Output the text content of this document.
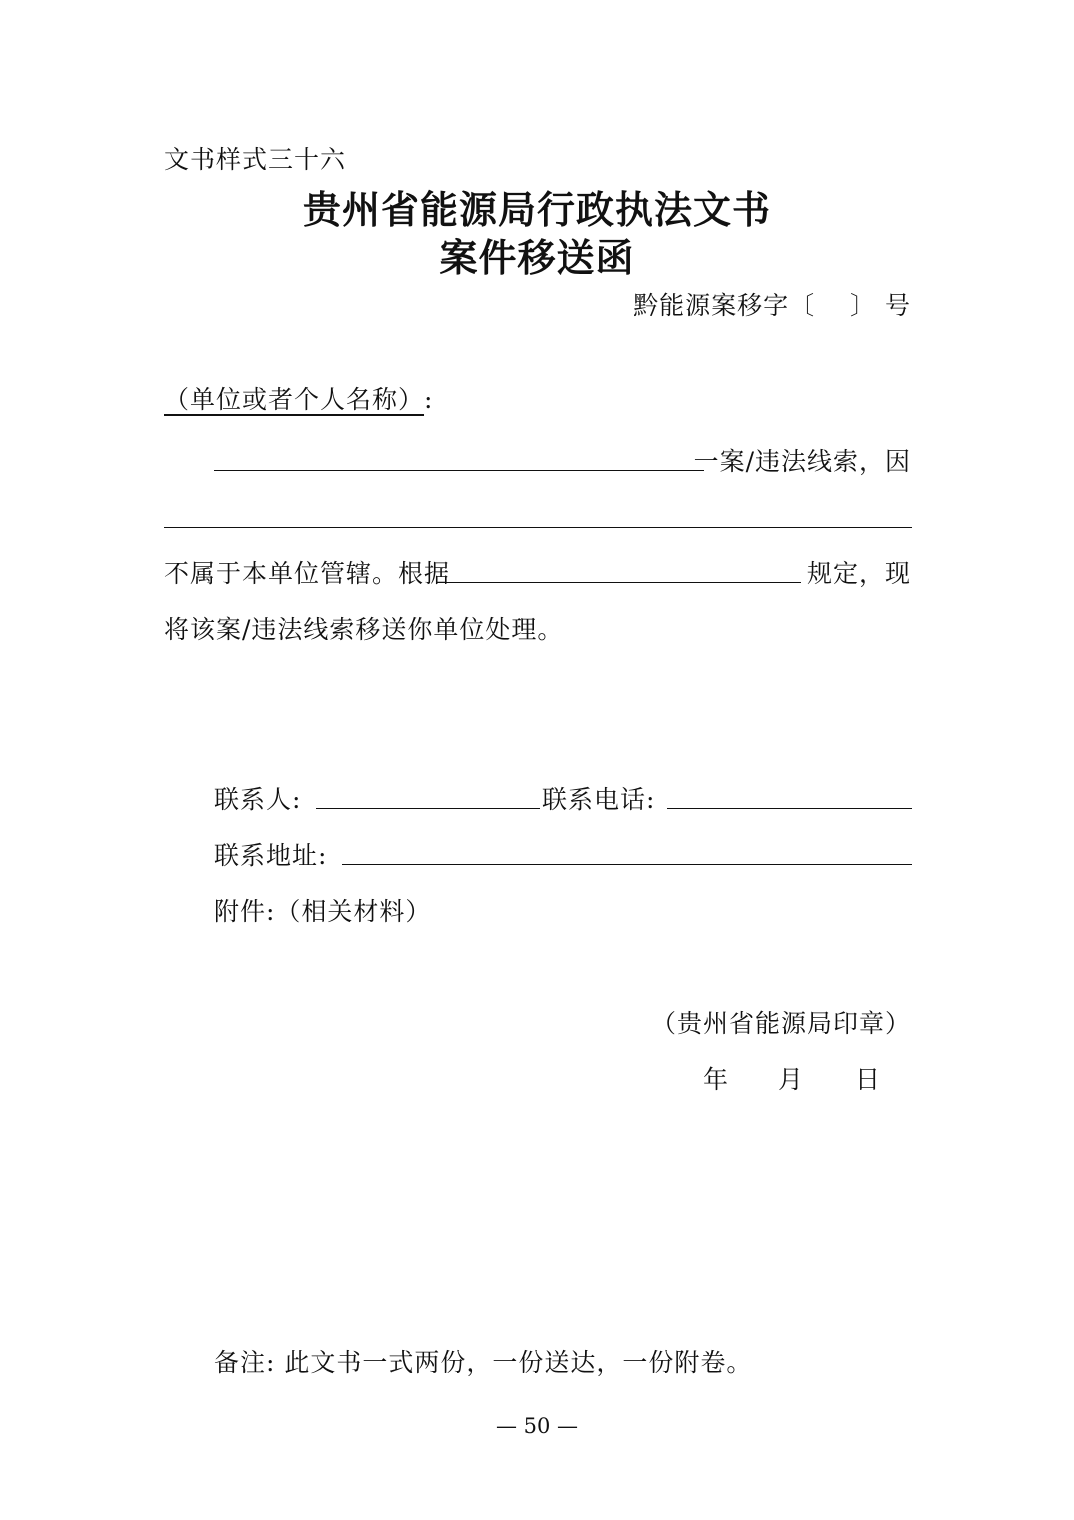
文书样式三十六
贵州省能源局行政执法文书
案件移送函
黔能源案移字〔　 〕 号
（单位或者个人名称）:
一案/违法线索，因
不属于本单位管辖。根据	规定，现
将该案/违法线索移送你单位处理。
联系人:	联系电话:
联系地址:
附件:（相关材料）
（贵州省能源局印章）
年 月 日
备注: 此文书一式两份，一份送达，一份附卷。
— 50 —
